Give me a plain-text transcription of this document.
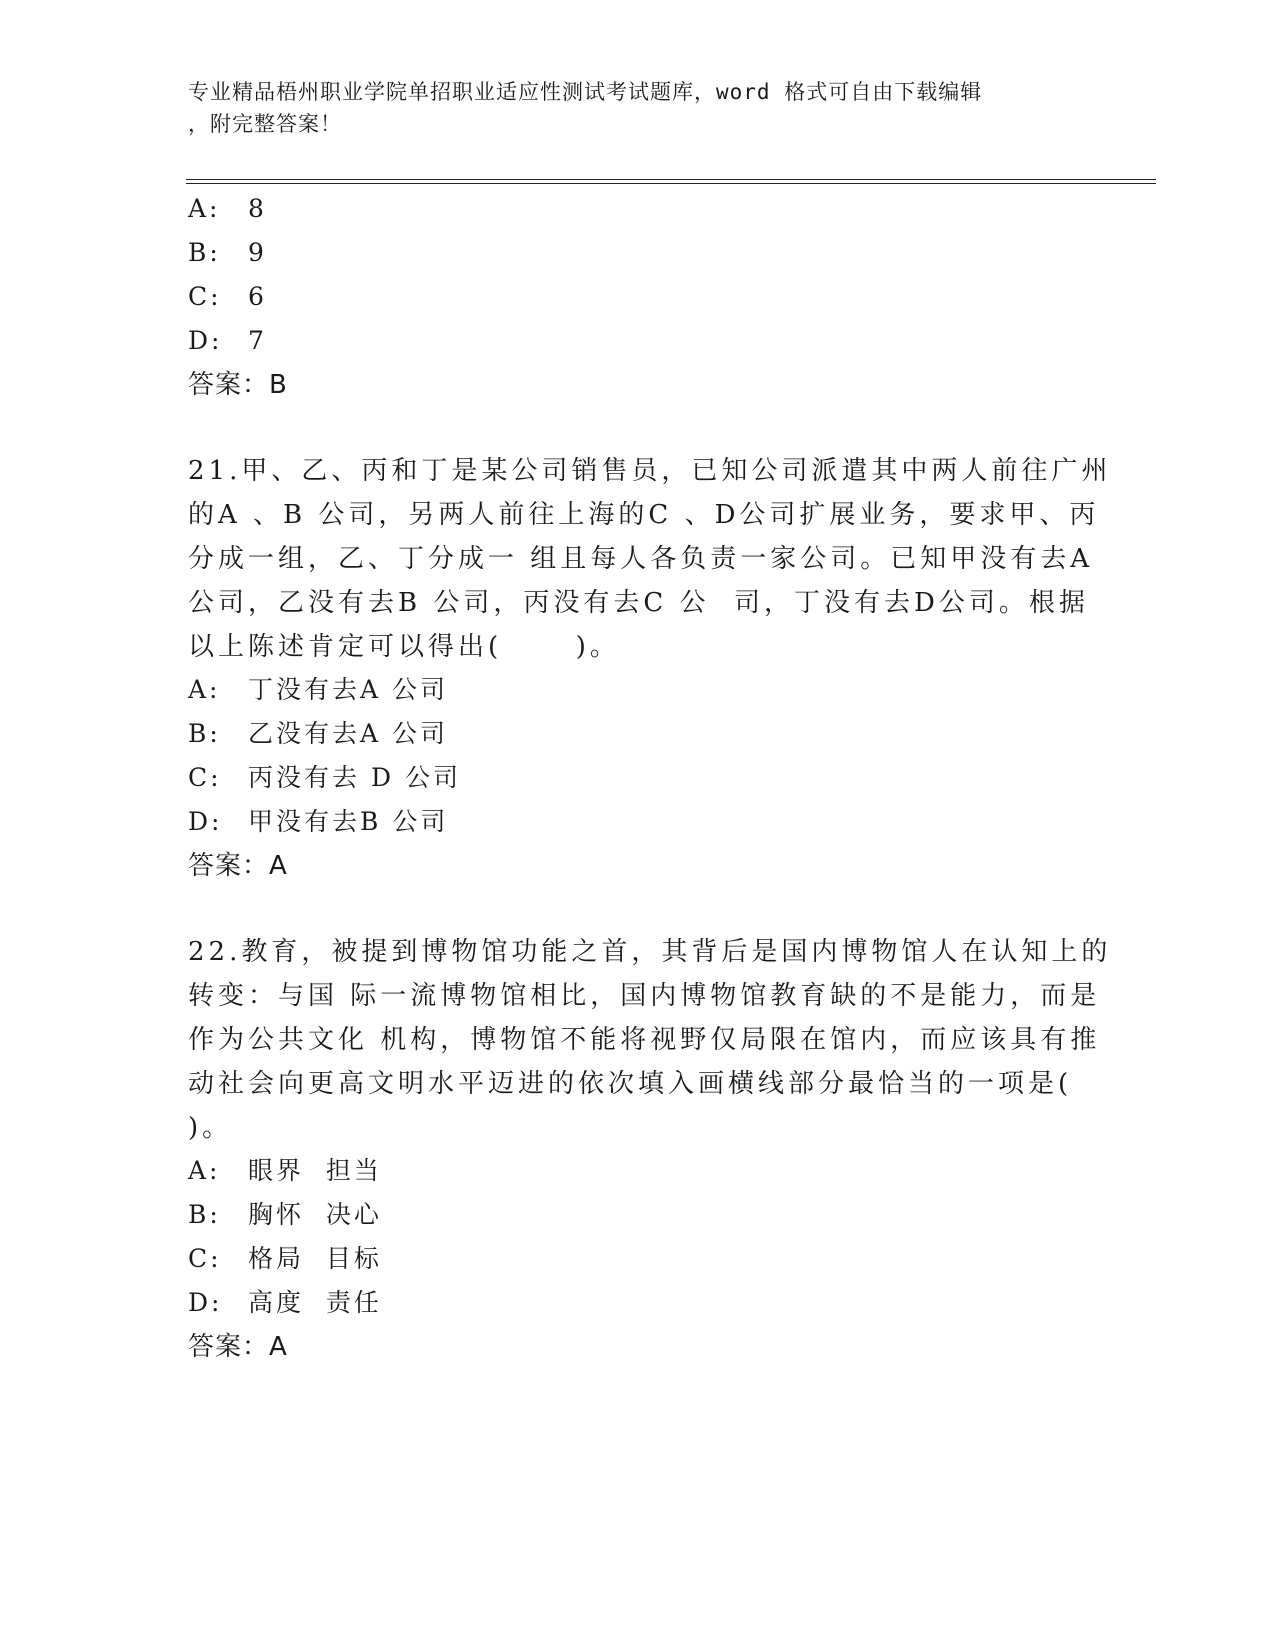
专业精品梧州职业学院单招职业适应性测试考试题库，word 格式可自由下载编辑
，附完整答案！
A: 8
B: 9
C: 6
D: 7
答案：B
21.甲、乙、丙和丁是某公司销售员，已知公司派遣其中两人前往广州
的A 、B 公司，另两人前往上海的C 、D公司扩展业务，要求甲、丙
分成一组，乙、丁分成一 组且每人各负责一家公司。已知甲没有去A
公司，乙没有去B 公司，丙没有去C 公  司，丁没有去D公司。根据
以上陈述肯定可以得出(      )。
A: 丁没有去A 公司
B: 乙没有去A 公司
C: 丙没有去 D 公司
D: 甲没有去B 公司
答案：A
22.教育，被提到博物馆功能之首，其背后是国内博物馆人在认知上的
转变：与国 际一流博物馆相比，国内博物馆教育缺的不是能力，而是
作为公共文化 机构，博物馆不能将视野仅局限在馆内，而应该具有推
动社会向更高文明水平迈进的依次填入画横线部分最恰当的一项是(
)。
A: 眼界  担当
B: 胸怀  决心
C: 格局  目标
D: 高度  责任
答案：A
